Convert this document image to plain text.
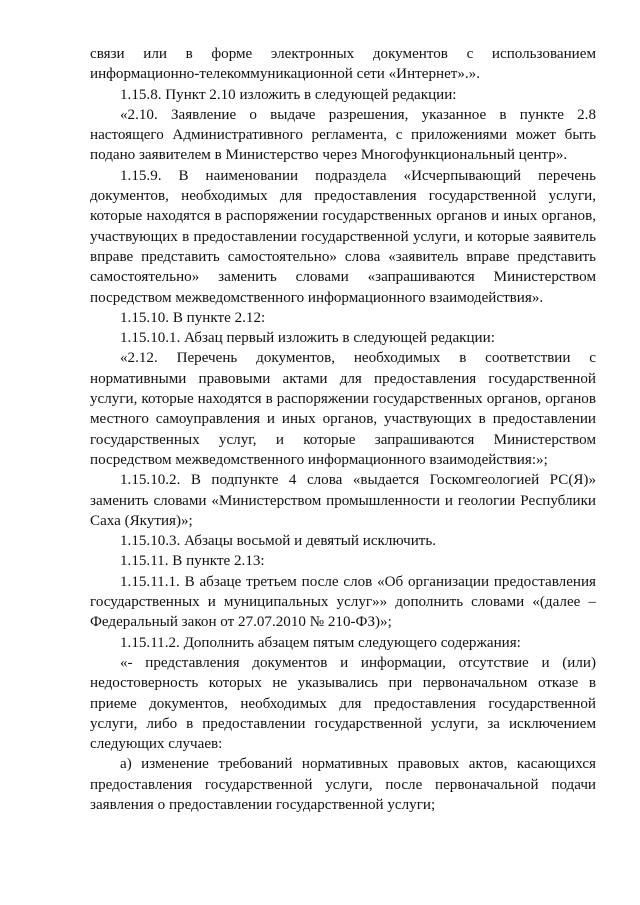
связи или в форме электронных документов с использованием информационно-телекоммуникационной сети «Интернет».».

1.15.8. Пункт 2.10 изложить в следующей редакции:

«2.10. Заявление о выдаче разрешения, указанное в пункте 2.8 настоящего Административного регламента, с приложениями может быть подано заявителем в Министерство через Многофункциональный центр».

1.15.9. В наименовании подраздела «Исчерпывающий перечень документов, необходимых для предоставления государственной услуги, которые находятся в распоряжении государственных органов и иных органов, участвующих в предоставлении государственной услуги, и которые заявитель вправе представить самостоятельно» слова «заявитель вправе представить самостоятельно» заменить словами «запрашиваются Министерством посредством межведомственного информационного взаимодействия».

1.15.10. В пункте 2.12:

1.15.10.1. Абзац первый изложить в следующей редакции:

«2.12. Перечень документов, необходимых в соответствии с нормативными правовыми актами для предоставления государственной услуги, которые находятся в распоряжении государственных органов, органов местного самоуправления и иных органов, участвующих в предоставлении государственных услуг, и которые запрашиваются Министерством посредством межведомственного информационного взаимодействия:»;

1.15.10.2. В подпункте 4 слова «выдается Госкомгеологией РС(Я)» заменить словами «Министерством промышленности и геологии Республики Саха (Якутия)»;

1.15.10.3. Абзацы восьмой и девятый исключить.

1.15.11. В пункте 2.13:

1.15.11.1. В абзаце третьем после слов «Об организации предоставления государственных и муниципальных услуг»» дополнить словами «(далее – Федеральный закон от 27.07.2010 № 210-ФЗ)»;

1.15.11.2. Дополнить абзацем пятым следующего содержания:

«- представления документов и информации, отсутствие и (или) недостоверность которых не указывались при первоначальном отказе в приеме документов, необходимых для предоставления государственной услуги, либо в предоставлении государственной услуги, за исключением следующих случаев:

а) изменение требований нормативных правовых актов, касающихся предоставления государственной услуги, после первоначальной подачи заявления о предоставлении государственной услуги;
